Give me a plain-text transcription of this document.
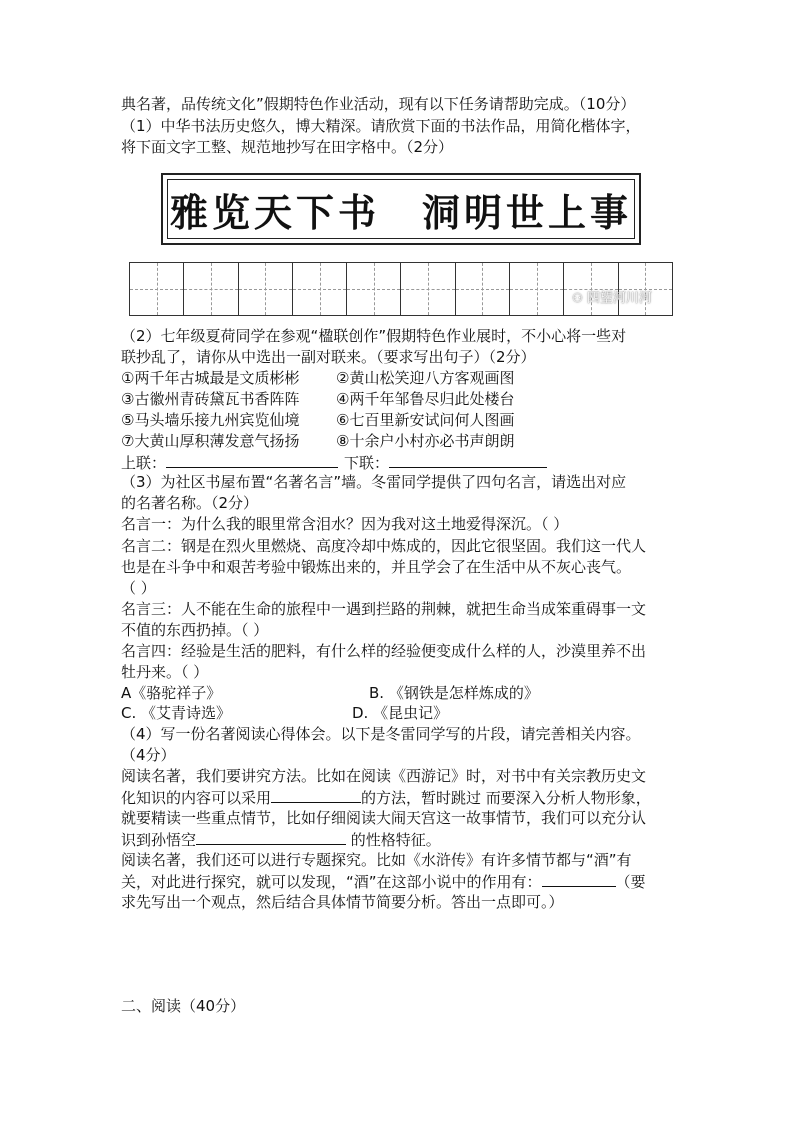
典名著，品传统文化”假期特色作业活动，现有以下任务请帮助完成。（10分）
（1）中华书法历史悠久，博大精深。请欣赏下面的书法作品，用简化楷体字，
将下面文字工整、规范地抄写在田字格中。（2分）
雅览天下书　洞明世上事
⚇ 四望河川河
（2）七年级夏荷同学在参观“楹联创作”假期特色作业展时，不小心将一些对
联抄乱了，请你从中选出一副对联来。（要求写出句子）（2分）
①两千年古城最是文质彬彬 ②黄山松笑迎八方客观画图
③古徽州青砖黛瓦书香阵阵 ④两千年邹鲁尽归此处楼台
⑤马头墙乐接九州宾览仙境 ⑥七百里新安试问何人图画
⑦大黄山厚积薄发意气扬扬 ⑧十余户小村亦必书声朗朗
上联：	下联：
（3）为社区书屋布置“名著名言”墙。冬雷同学提供了四句名言，请选出对应
的名著名称。（2分）
名言一：为什么我的眼里常含泪水？因为我对这土地爱得深沉。（ ）
名言二：钢是在烈火里燃烧、高度冷却中炼成的，因此它很坚固。我们这一代人
也是在斗争中和艰苦考验中锻炼出来的，并且学会了在生活中从不灰心丧气。
（ ）
名言三：人不能在生命的旅程中一遇到拦路的荆棘，就把生命当成笨重碍事一文
不值的东西扔掉。（ ）
名言四：经验是生活的肥料，有什么样的经验便变成什么样的人，沙漠里养不出
牡丹来。（ ）
A《骆驼祥子》	B. 《钢铁是怎样炼成的》
C. 《艾青诗选》	D. 《昆虫记》
（4）写一份名著阅读心得体会。以下是冬雷同学写的片段，请完善相关内容。
（4分）
阅读名著，我们要讲究方法。比如在阅读《西游记》时，对书中有关宗教历史文
化知识的内容可以采用	的方法，暂时跳过 而要深入分析人物形象，
就要精读一些重点情节，比如仔细阅读大闹天宫这一故事情节，我们可以充分认
识到孙悟空	的性格特征。
阅读名著，我们还可以进行专题探究。比如《水浒传》有许多情节都与“酒”有
关，对此进行探究，就可以发现，“酒”在这部小说中的作用有：	（要
求先写出一个观点，然后结合具体情节简要分析。答出一点即可。）
二、阅读（40分）
